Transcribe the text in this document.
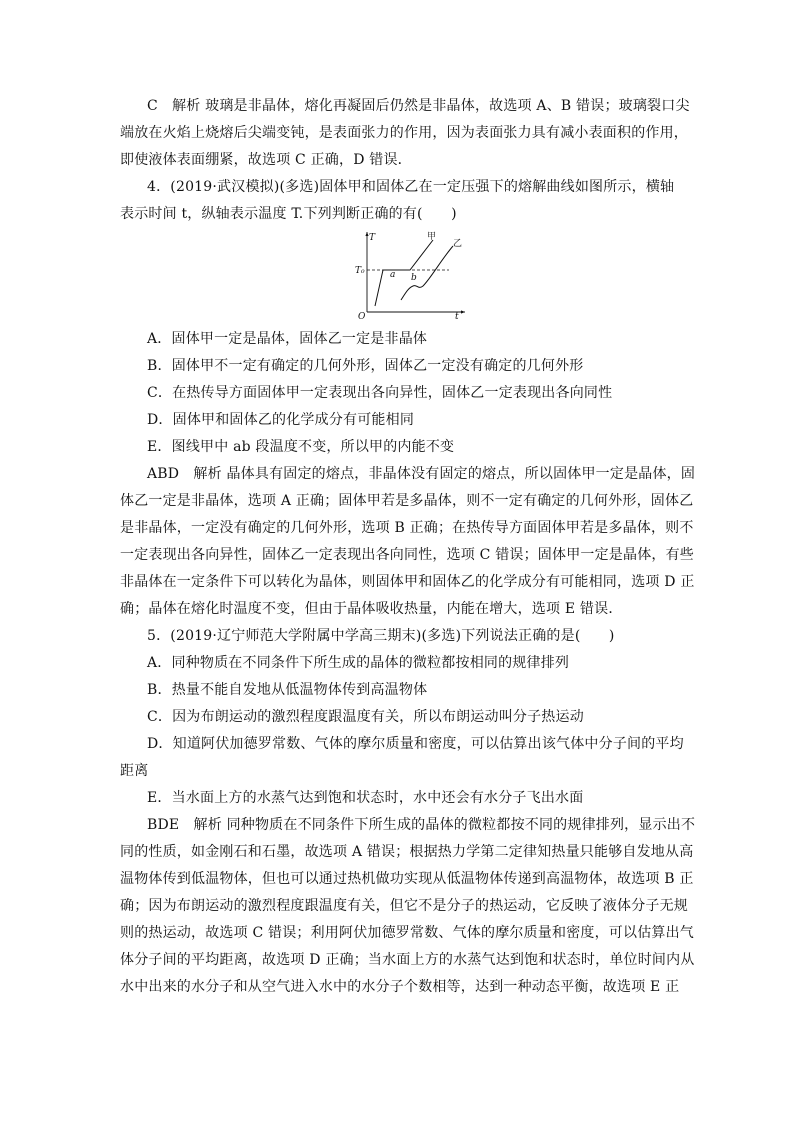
C　解析 玻璃是非晶体，熔化再凝固后仍然是非晶体，故选项 A、B 错误；玻璃裂口尖
端放在火焰上烧熔后尖端变钝，是表面张力的作用，因为表面张力具有减小表面积的作用，
即使液体表面绷紧，故选项 C 正确，D 错误．
4．(2019·武汉模拟)(多选)固体甲和固体乙在一定压强下的熔解曲线如图所示，横轴
表示时间 t，纵轴表示温度 T.下列判断正确的有(　　)
T
t
O
T₀	a b
甲
乙
A．固体甲一定是晶体，固体乙一定是非晶体
B．固体甲不一定有确定的几何外形，固体乙一定没有确定的几何外形
C．在热传导方面固体甲一定表现出各向异性，固体乙一定表现出各向同性
D．固体甲和固体乙的化学成分有可能相同
E．图线甲中 ab 段温度不变，所以甲的内能不变
ABD　解析 晶体具有固定的熔点，非晶体没有固定的熔点，所以固体甲一定是晶体，固
体乙一定是非晶体，选项 A 正确；固体甲若是多晶体，则不一定有确定的几何外形，固体乙
是非晶体，一定没有确定的几何外形，选项 B 正确；在热传导方面固体甲若是多晶体，则不
一定表现出各向异性，固体乙一定表现出各向同性，选项 C 错误；固体甲一定是晶体，有些
非晶体在一定条件下可以转化为晶体，则固体甲和固体乙的化学成分有可能相同，选项 D 正
确；晶体在熔化时温度不变，但由于晶体吸收热量，内能在增大，选项 E 错误．
5．(2019·辽宁师范大学附属中学高三期末)(多选)下列说法正确的是(　　)
A．同种物质在不同条件下所生成的晶体的微粒都按相同的规律排列
B．热量不能自发地从低温物体传到高温物体
C．因为布朗运动的激烈程度跟温度有关，所以布朗运动叫分子热运动
D．知道阿伏加德罗常数、气体的摩尔质量和密度，可以估算出该气体中分子间的平均
距离
E．当水面上方的水蒸气达到饱和状态时，水中还会有水分子飞出水面
BDE　解析 同种物质在不同条件下所生成的晶体的微粒都按不同的规律排列，显示出不
同的性质，如金刚石和石墨，故选项 A 错误；根据热力学第二定律知热量只能够自发地从高
温物体传到低温物体，但也可以通过热机做功实现从低温物体传递到高温物体，故选项 B 正
确；因为布朗运动的激烈程度跟温度有关，但它不是分子的热运动，它反映了液体分子无规
则的热运动，故选项 C 错误；利用阿伏加德罗常数、气体的摩尔质量和密度，可以估算出气
体分子间的平均距离，故选项 D 正确；当水面上方的水蒸气达到饱和状态时，单位时间内从
水中出来的水分子和从空气进入水中的水分子个数相等，达到一种动态平衡，故选项 E 正
